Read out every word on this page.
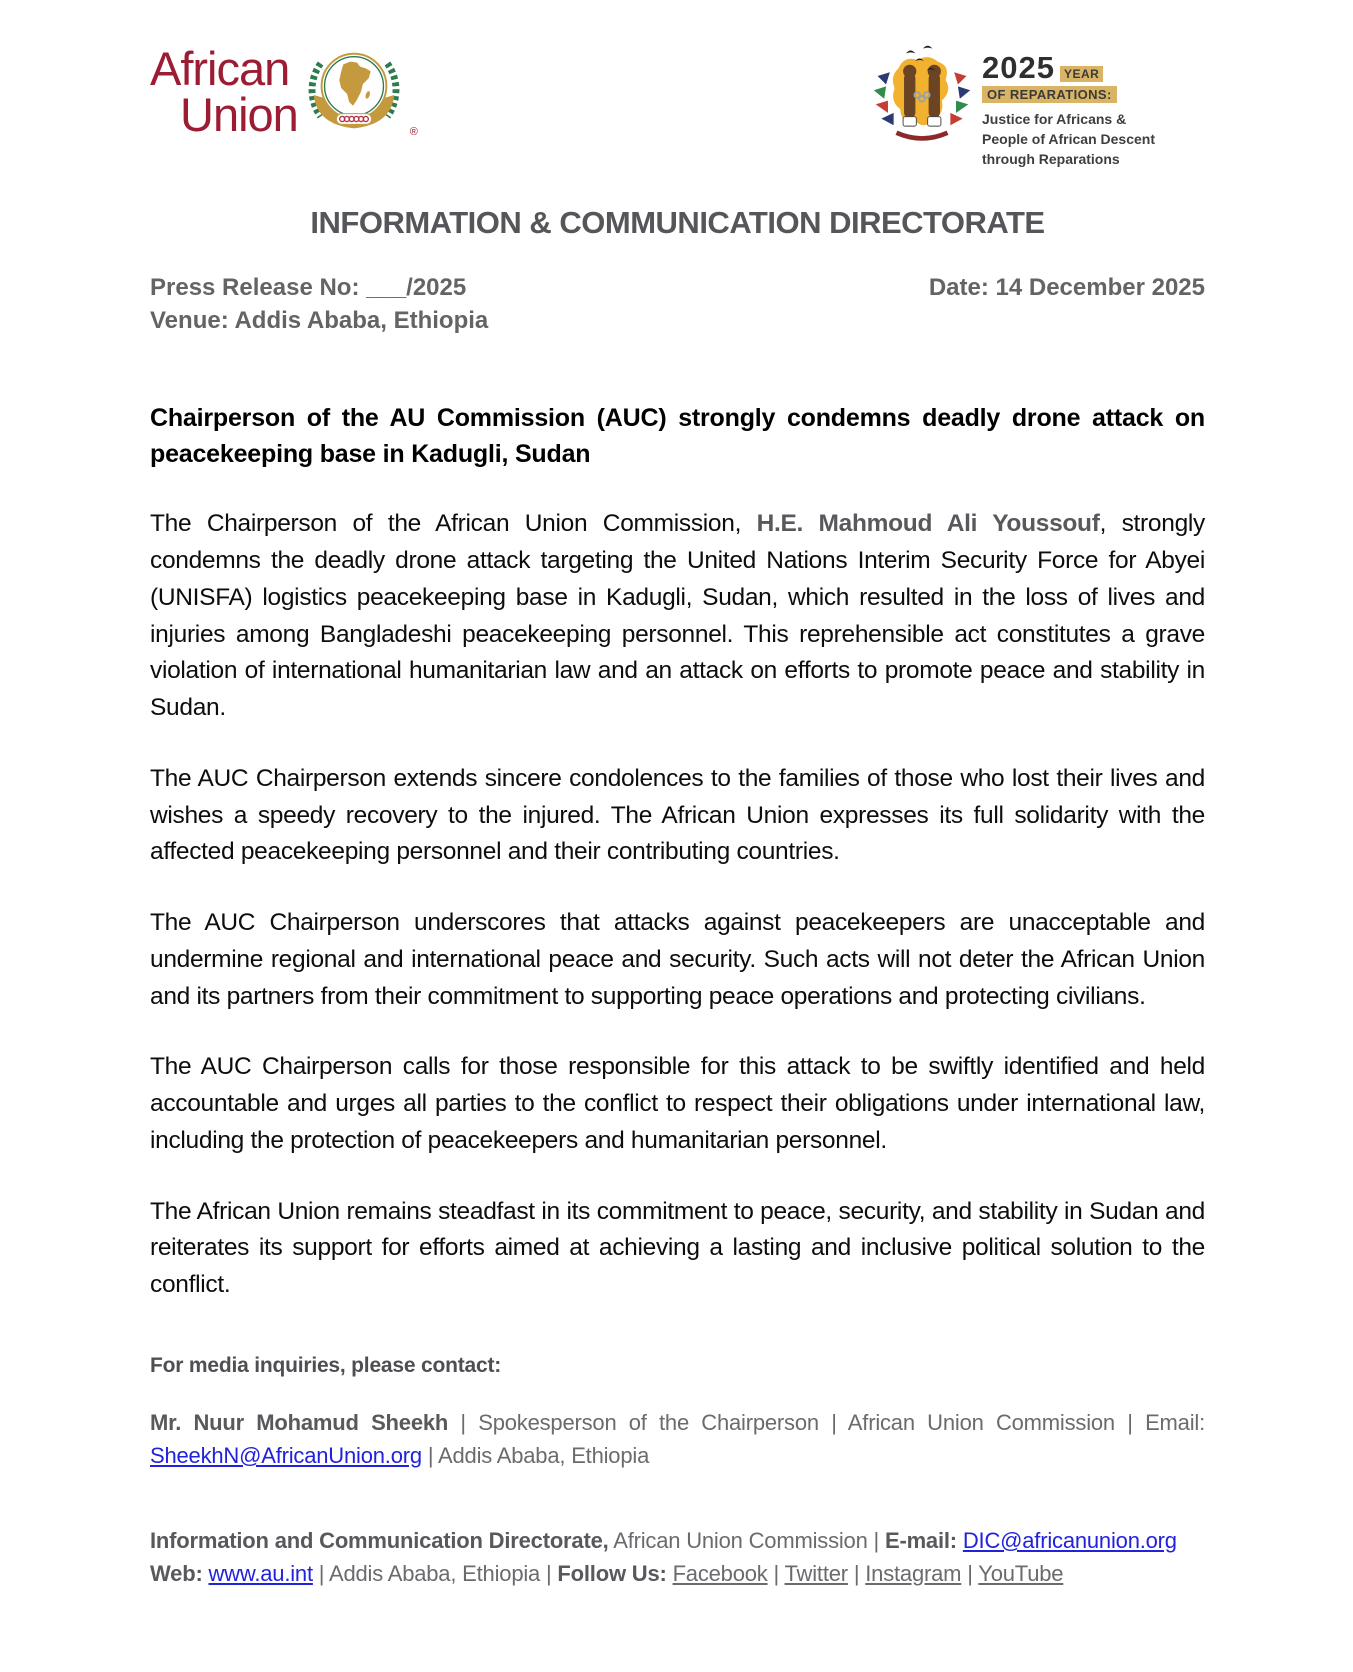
African
Union	®
2025 YEAR
OF REPARATIONS:
Justice for Africans &
People of African Descent
through Reparations
INFORMATION & COMMUNICATION DIRECTORATE
Press Release No: ___/2025
Venue: Addis Ababa, Ethiopia
Date: 14 December 2025
Chairperson of the AU Commission (AUC) strongly condemns deadly drone attack on peacekeeping base in Kadugli, Sudan

The Chairperson of the African Union Commission, H.E. Mahmoud Ali Youssouf, strongly condemns the deadly drone attack targeting the United Nations Interim Security Force for Abyei (UNISFA) logistics peacekeeping base in Kadugli, Sudan, which resulted in the loss of lives and injuries among Bangladeshi peacekeeping personnel. This reprehensible act constitutes a grave violation of international humanitarian law and an attack on efforts to promote peace and stability in Sudan.

The AUC Chairperson extends sincere condolences to the families of those who lost their lives and wishes a speedy recovery to the injured. The African Union expresses its full solidarity with the affected peacekeeping personnel and their contributing countries.

The AUC Chairperson underscores that attacks against peacekeepers are unacceptable and undermine regional and international peace and security. Such acts will not deter the African Union and its partners from their commitment to supporting peace operations and protecting civilians.

The AUC Chairperson calls for those responsible for this attack to be swiftly identified and held accountable and urges all parties to the conflict to respect their obligations under international law, including the protection of peacekeepers and humanitarian personnel.

The African Union remains steadfast in its commitment to peace, security, and stability in Sudan and reiterates its support for efforts aimed at achieving a lasting and inclusive political solution to the conflict.

For media inquiries, please contact:

Mr. Nuur Mohamud Sheekh | Spokesperson of the Chairperson | African Union Commission | Email: SheekhN@AfricanUnion.org | Addis Ababa, Ethiopia

Information and Communication Directorate, African Union Commission | E-mail: DIC@africanunion.org
Web: www.au.int | Addis Ababa, Ethiopia | Follow Us: Facebook | Twitter | Instagram | YouTube
